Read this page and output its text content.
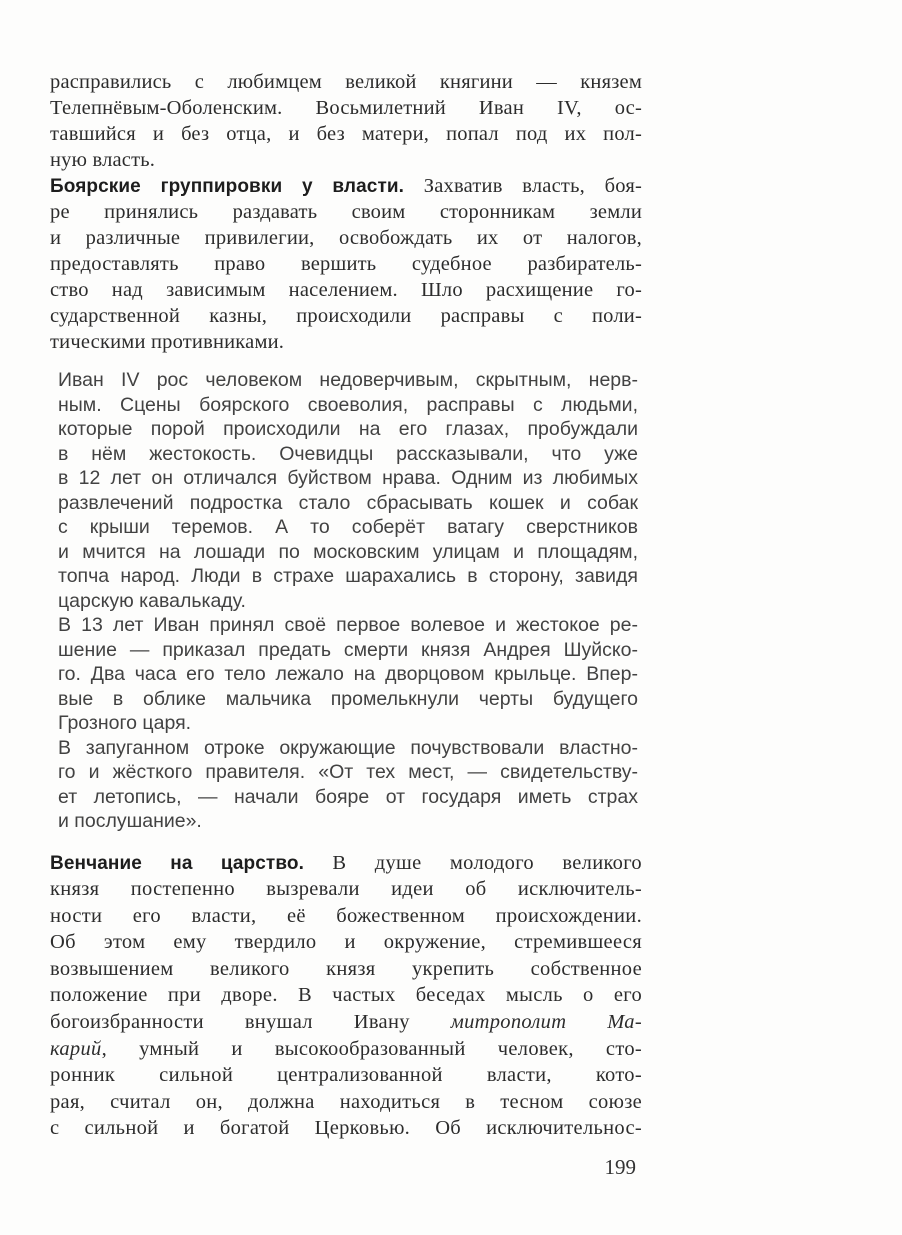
расправились с любимцем великой княгини — князем
Телепнёвым-Оболенским. Восьмилетний Иван IV, ос-
тавшийся и без отца, и без матери, попал под их пол-
ную власть.
Боярские группировки у власти. Захватив власть, боя-
ре принялись раздавать своим сторонникам земли
и различные привилегии, освобождать их от налогов,
предоставлять право вершить судебное разбиратель-
ство над зависимым населением. Шло расхищение го-
сударственной казны, происходили расправы с поли-
тическими противниками.
Иван IV рос человеком недоверчивым, скрытным, нерв-
ным. Сцены боярского своеволия, расправы с людьми,
которые порой происходили на его глазах, пробуждали
в нём жестокость. Очевидцы рассказывали, что уже
в 12 лет он отличался буйством нрава. Одним из любимых
развлечений подростка стало сбрасывать кошек и собак
с крыши теремов. А то соберёт ватагу сверстников
и мчится на лошади по московским улицам и площадям,
топча народ. Люди в страхе шарахались в сторону, завидя
царскую кавалькаду.
В 13 лет Иван принял своё первое волевое и жестокое ре-
шение — приказал предать смерти князя Андрея Шуйско-
го. Два часа его тело лежало на дворцовом крыльце. Впер-
вые в облике мальчика промелькнули черты будущего
Грозного царя.
В запуганном отроке окружающие почувствовали властно-
го и жёсткого правителя. «От тех мест, — свидетельству-
ет летопись, — начали бояре от государя иметь страх
и послушание».
Венчание на царство. В душе молодого великого
князя постепенно вызревали идеи об исключитель-
ности его власти, её божественном происхождении.
Об этом ему твердило и окружение, стремившееся
возвышением великого князя укрепить собственное
положение при дворе. В частых беседах мысль о его
богоизбранности внушал Ивану митрополит Ма-
карий, умный и высокообразованный человек, сто-
ронник сильной централизованной власти, кото-
рая, считал он, должна находиться в тесном союзе
с сильной и богатой Церковью. Об исключительнос-
199
